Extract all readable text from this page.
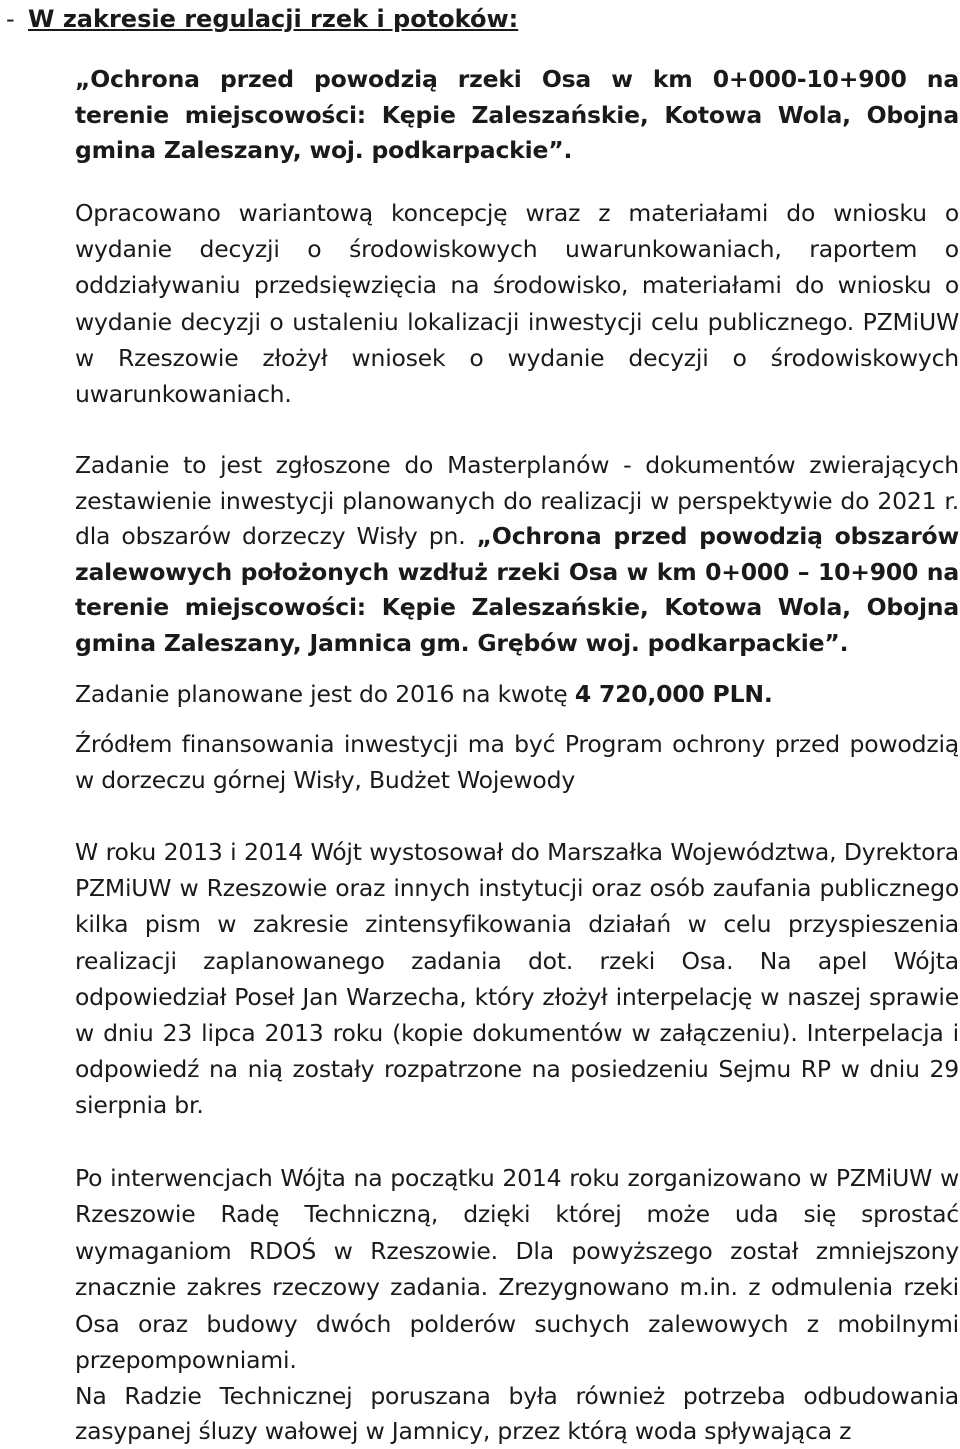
- W zakresie regulacji rzek i potoków:
„Ochrona przed powodzią rzeki Osa w km 0+000-10+900 na terenie miejscowości: Kępie Zaleszańskie, Kotowa Wola, Obojna gmina Zaleszany, woj. podkarpackie”.
Opracowano wariantową koncepcję wraz z materiałami do wniosku o wydanie decyzji o środowiskowych uwarunkowaniach, raportem o oddziaływaniu przedsięwzięcia na środowisko, materiałami do wniosku o wydanie decyzji o ustaleniu lokalizacji inwestycji celu publicznego. PZMiUW w Rzeszowie złożył wniosek o wydanie decyzji o środowiskowych uwarunkowaniach.
Zadanie to jest zgłoszone do Masterplanów - dokumentów zwierających zestawienie inwestycji planowanych do realizacji w perspektywie do 2021 r. dla obszarów dorzeczy Wisły pn. „Ochrona przed powodzią obszarów zalewowych położonych wzdłuż rzeki Osa w km 0+000 – 10+900 na terenie miejscowości: Kępie Zaleszańskie, Kotowa Wola, Obojna gmina Zaleszany, Jamnica gm. Grębów woj. podkarpackie”.
Zadanie planowane jest do 2016 na kwotę 4 720,000 PLN.
Źródłem finansowania inwestycji ma być Program ochrony przed powodzią w dorzeczu górnej Wisły, Budżet Wojewody
W roku 2013 i 2014 Wójt wystosował do Marszałka Województwa, Dyrektora PZMiUW w Rzeszowie oraz innych instytucji oraz osób zaufania publicznego kilka pism w zakresie zintensyfikowania działań w celu przyspieszenia realizacji zaplanowanego zadania dot. rzeki Osa. Na apel Wójta odpowiedział Poseł Jan Warzecha, który złożył interpelację w naszej sprawie w dniu 23 lipca 2013 roku (kopie dokumentów w załączeniu). Interpelacja i odpowiedź na nią zostały rozpatrzone na posiedzeniu Sejmu RP w dniu 29 sierpnia br.
Po interwencjach Wójta na początku 2014 roku zorganizowano w PZMiUW w Rzeszowie Radę Techniczną, dzięki której może uda się sprostać wymaganiom RDOŚ w Rzeszowie. Dla powyższego został zmniejszony znacznie zakres rzeczowy zadania. Zrezygnowano m.in. z odmulenia rzeki Osa oraz budowy dwóch polderów suchych zalewowych z mobilnymi przepompowniami.
Na Radzie Technicznej poruszana była również potrzeba odbudowania zasypanej śluzy wałowej w Jamnicy, przez którą woda spływająca z
